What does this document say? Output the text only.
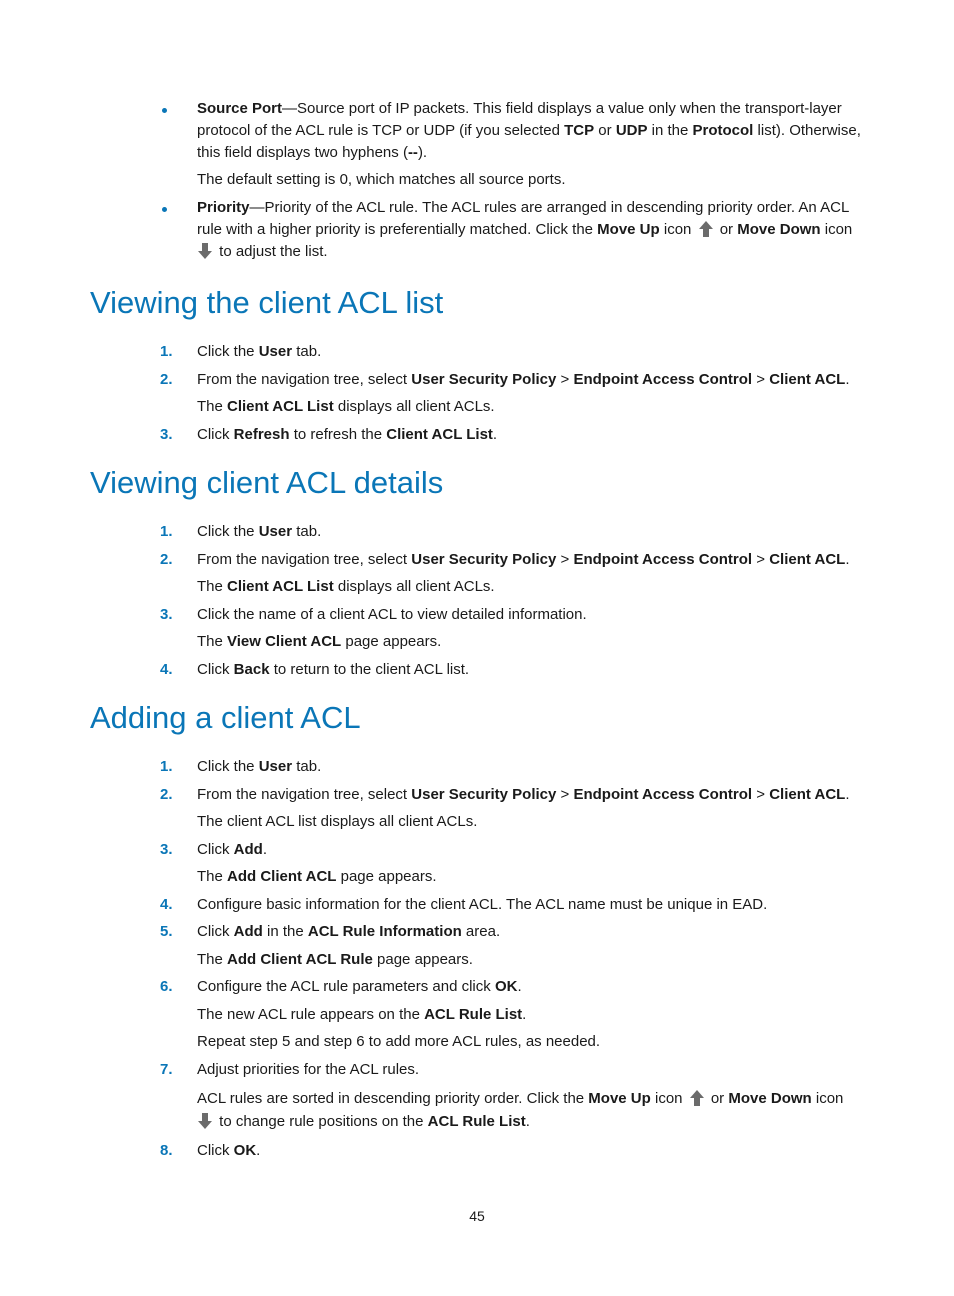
Source Port—Source port of IP packets. This field displays a value only when the transport-layer protocol of the ACL rule is TCP or UDP (if you selected TCP or UDP in the Protocol list). Otherwise, this field displays two hyphens (--).

The default setting is 0, which matches all source ports.

Priority—Priority of the ACL rule. The ACL rules are arranged in descending priority order. An ACL rule with a higher priority is preferentially matched. Click the Move Up icon  or Move Down icon
to adjust the list.
Viewing the client ACL list
1. Click the User tab.
2. From the navigation tree, select User Security Policy > Endpoint Access Control > Client ACL.
The Client ACL List displays all client ACLs.
3. Click Refresh to refresh the Client ACL List.
Viewing client ACL details
1. Click the User tab.
2. From the navigation tree, select User Security Policy > Endpoint Access Control > Client ACL.
The Client ACL List displays all client ACLs.
3. Click the name of a client ACL to view detailed information.
The View Client ACL page appears.
4. Click Back to return to the client ACL list.
Adding a client ACL
1. Click the User tab.
2. From the navigation tree, select User Security Policy > Endpoint Access Control > Client ACL.
The client ACL list displays all client ACLs.
3. Click Add.
The Add Client ACL page appears.
4. Configure basic information for the client ACL. The ACL name must be unique in EAD.
5. Click Add in the ACL Rule Information area.
The Add Client ACL Rule page appears.
6. Configure the ACL rule parameters and click OK.
The new ACL rule appears on the ACL Rule List.
Repeat step 5 and step 6 to add more ACL rules, as needed.
7. Adjust priorities for the ACL rules.
ACL rules are sorted in descending priority order. Click the Move Up icon  or Move Down icon
to change rule positions on the ACL Rule List.
8. Click OK.
45
